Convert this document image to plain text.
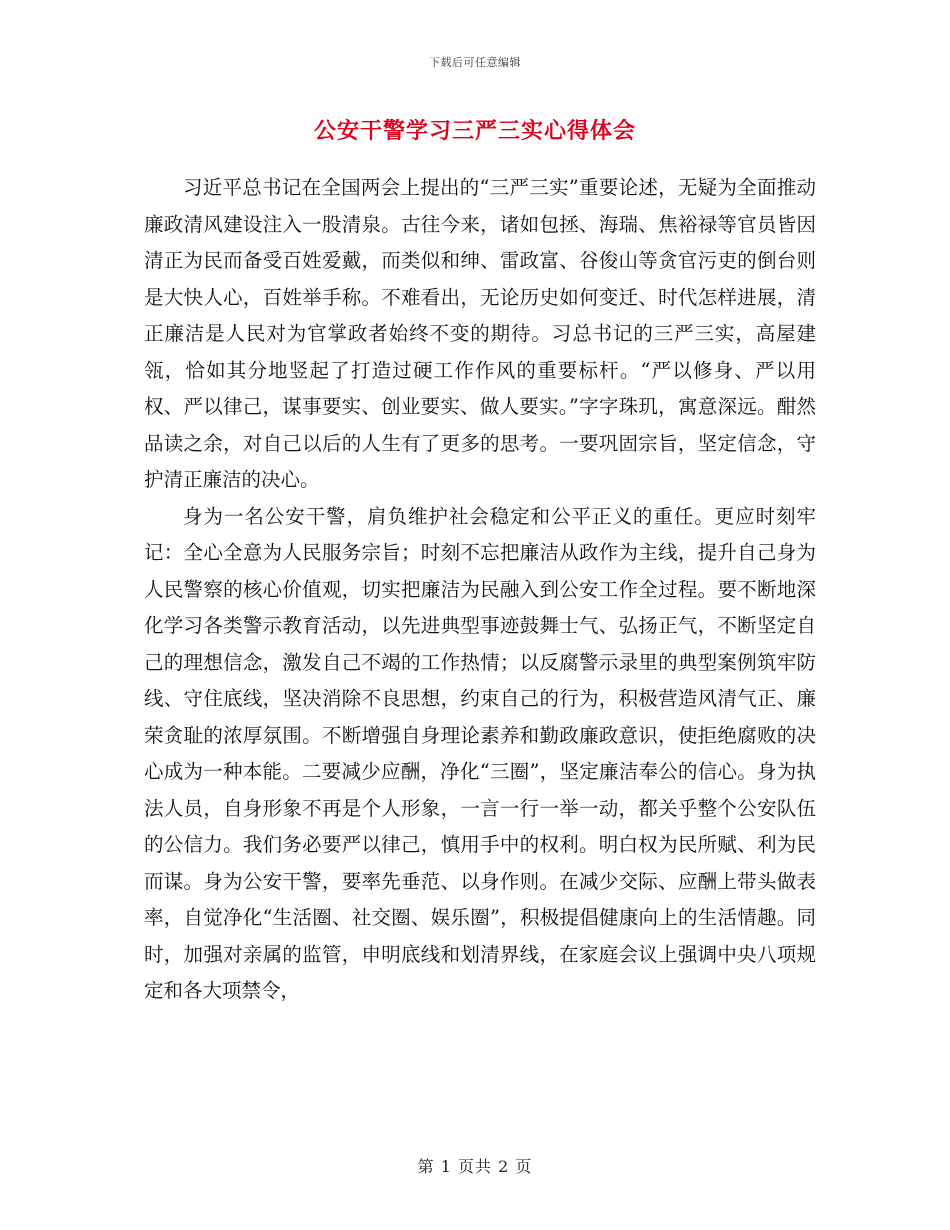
下载后可任意编辑
公安干警学习三严三实心得体会

习近平总书记在全国两会上提出的“三严三实”重要论述，无疑为全面推动廉政清风建设注入一股清泉。古往今来，诸如包拯、海瑞、焦裕禄等官员皆因清正为民而备受百姓爱戴，而类似和绅、雷政富、谷俊山等贪官污吏的倒台则是大快人心，百姓举手称。不难看出，无论历史如何变迁、时代怎样进展，清正廉洁是人民对为官掌政者始终不变的期待。习总书记的三严三实，高屋建瓴，恰如其分地竖起了打造过硬工作作风的重要标杆。“严以修身、严以用权、严以律己，谋事要实、创业要实、做人要实。”字字珠玑，寓意深远。酣然品读之余，对自己以后的人生有了更多的思考。一要巩固宗旨，坚定信念，守护清正廉洁的决心。

身为一名公安干警，肩负维护社会稳定和公平正义的重任。更应时刻牢记：全心全意为人民服务宗旨；时刻不忘把廉洁从政作为主线，提升自己身为人民警察的核心价值观，切实把廉洁为民融入到公安工作全过程。要不断地深化学习各类警示教育活动，以先进典型事迹鼓舞士气、弘扬正气，不断坚定自己的理想信念，激发自己不竭的工作热情；以反腐警示录里的典型案例筑牢防线、守住底线，坚决消除不良思想，约束自己的行为，积极营造风清气正、廉荣贪耻的浓厚氛围。不断增强自身理论素养和勤政廉政意识，使拒绝腐败的决心成为一种本能。二要减少应酬，净化“三圈”，坚定廉洁奉公的信心。身为执法人员，自身形象不再是个人形象，一言一行一举一动，都关乎整个公安队伍的公信力。我们务必要严以律己，慎用手中的权利。明白权为民所赋、利为民而谋。身为公安干警，要率先垂范、以身作则。在减少交际、应酬上带头做表率，自觉净化“生活圈、社交圈、娱乐圈”，积极提倡健康向上的生活情趣。同时，加强对亲属的监管，申明底线和划清界线，在家庭会议上强调中央八项规定和各大项禁令，

第 1 页共 2 页
